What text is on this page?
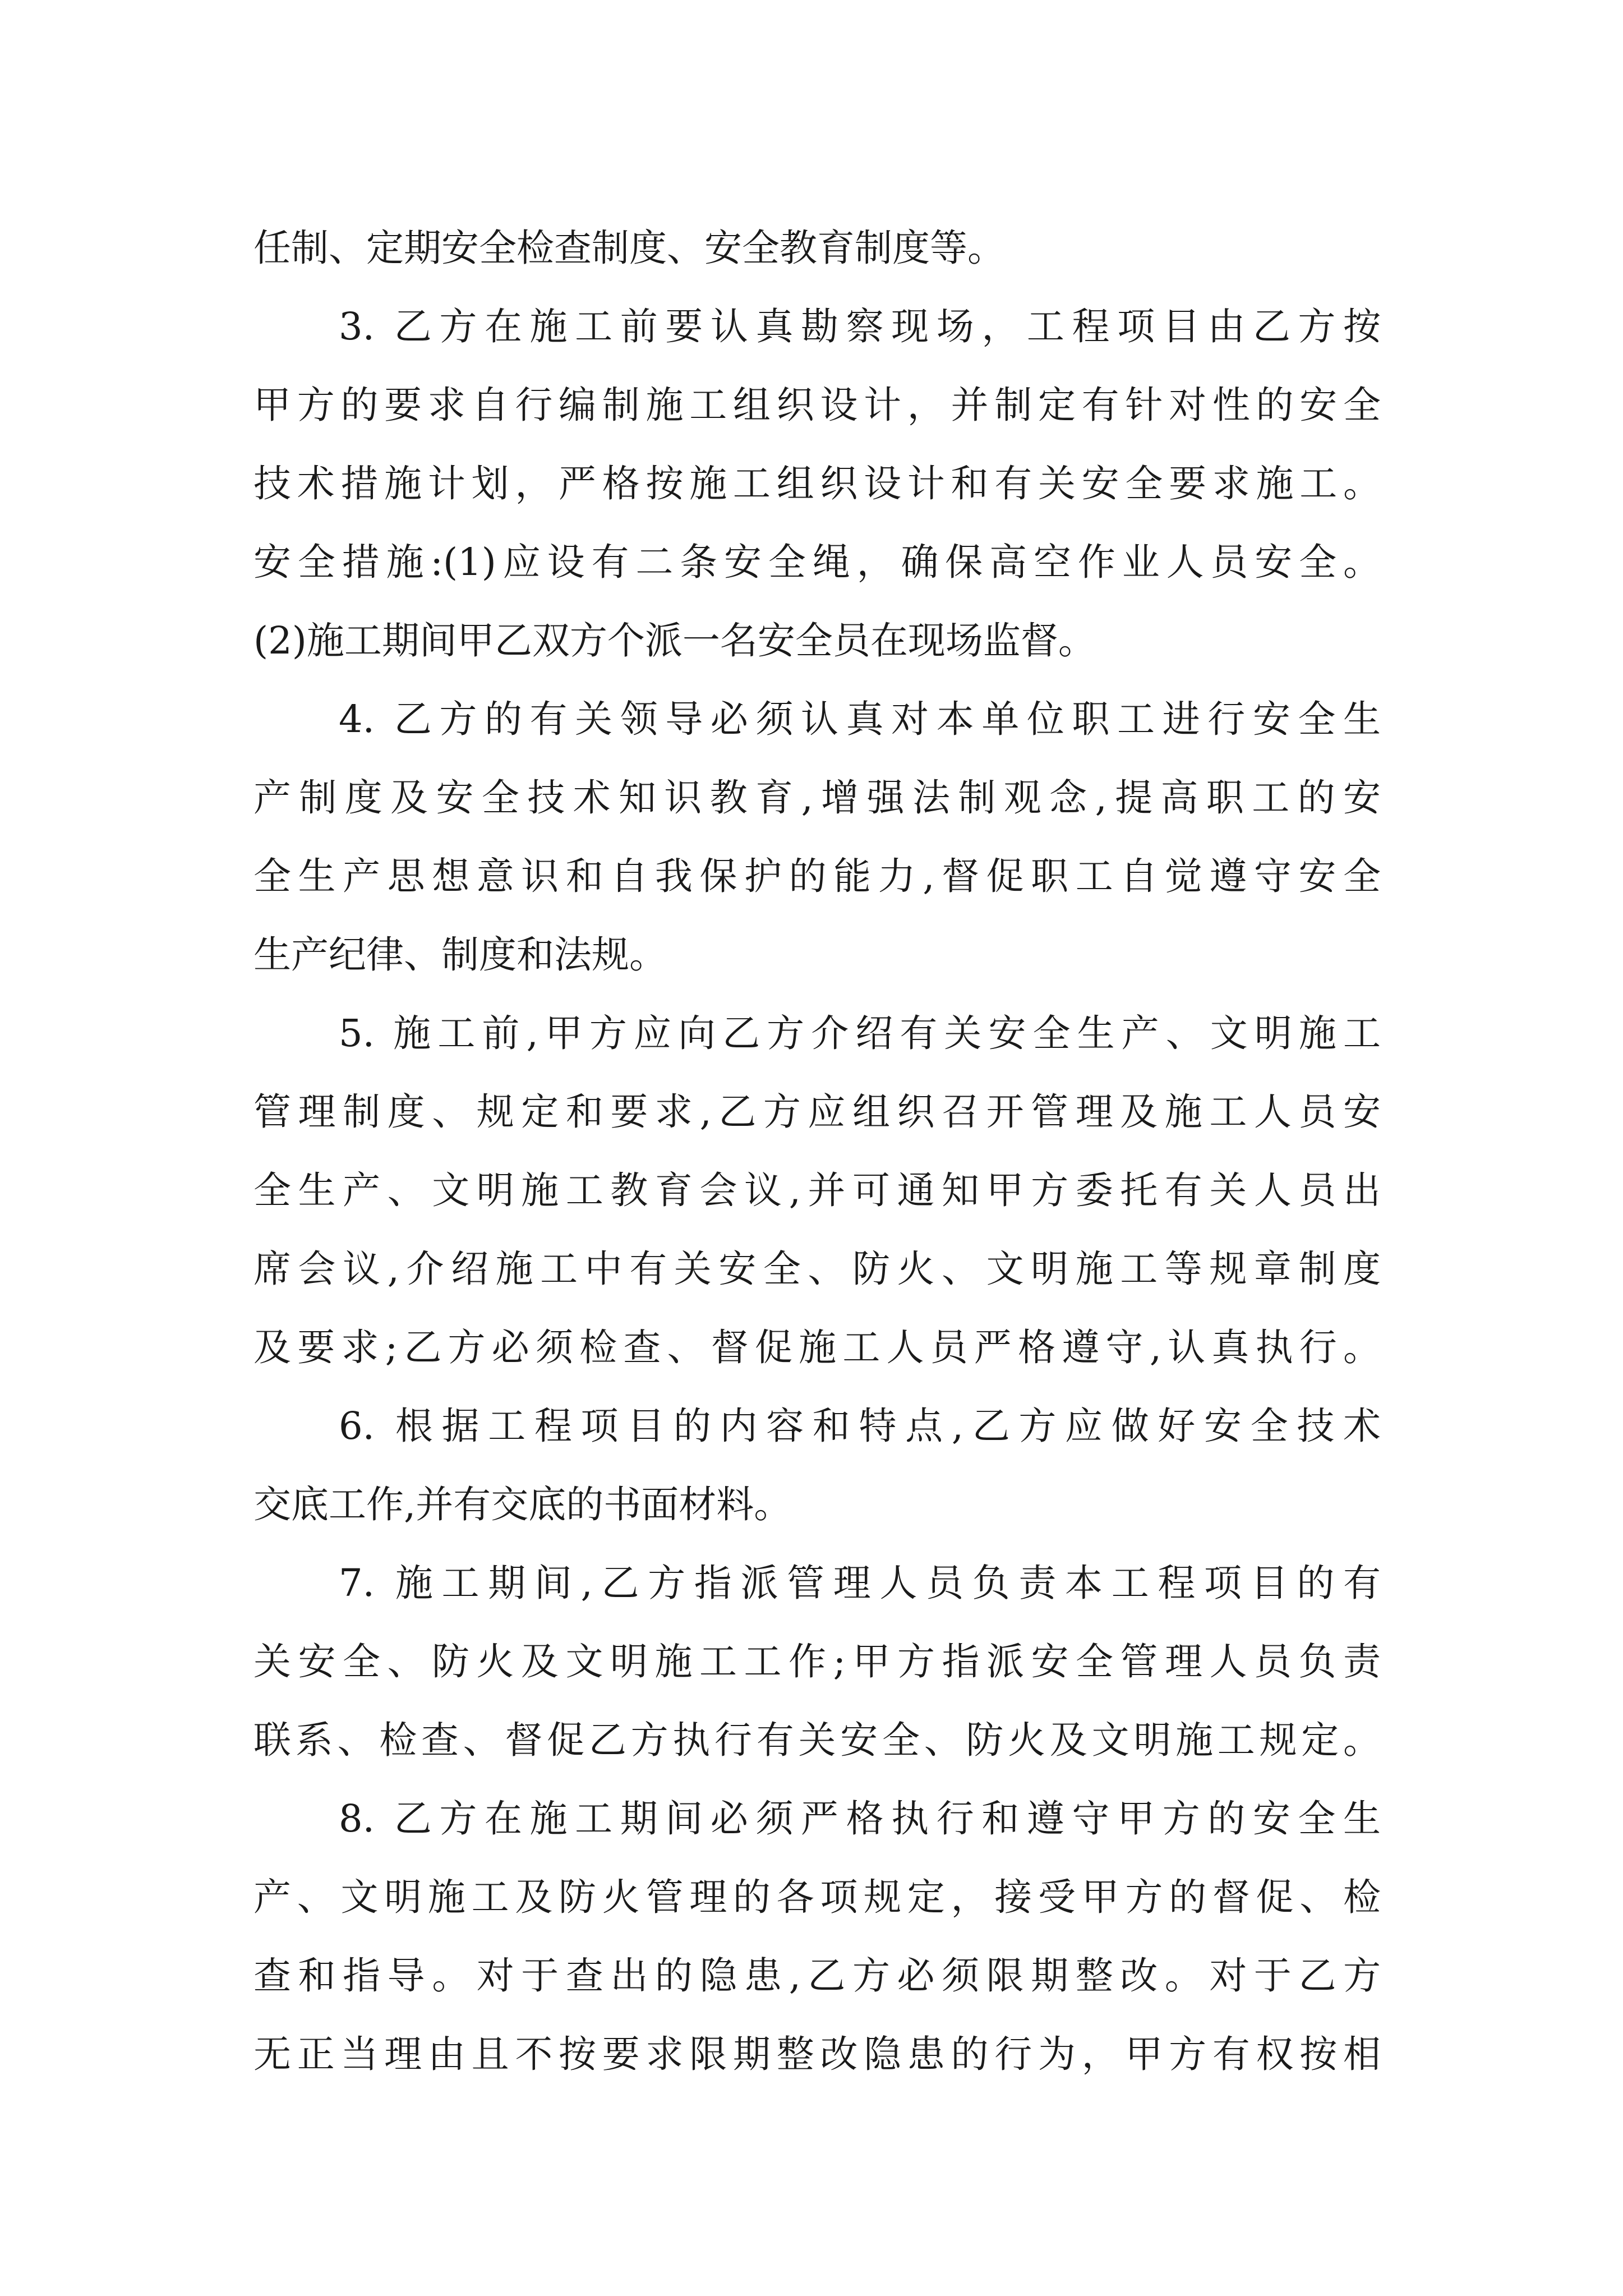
任制、定期安全检查制度、安全教育制度等。
3. 乙方在施工前要认真勘察现场，工程项目由乙方按
甲方的要求自行编制施工组织设计，并制定有针对性的安全
技术措施计划，严格按施工组织设计和有关安全要求施工。
安全措施:(1)应设有二条安全绳，确保高空作业人员安全。
(2)施工期间甲乙双方个派一名安全员在现场监督。
4. 乙方的有关领导必须认真对本单位职工进行安全生
产制度及安全技术知识教育,增强法制观念,提高职工的安
全生产思想意识和自我保护的能力,督促职工自觉遵守安全
生产纪律、制度和法规。
5. 施工前,甲方应向乙方介绍有关安全生产、文明施工
管理制度、规定和要求,乙方应组织召开管理及施工人员安
全生产、文明施工教育会议,并可通知甲方委托有关人员出
席会议,介绍施工中有关安全、防火、文明施工等规章制度
及要求;乙方必须检查、督促施工人员严格遵守,认真执行。
6. 根据工程项目的内容和特点,乙方应做好安全技术
交底工作,并有交底的书面材料。
7. 施工期间,乙方指派管理人员负责本工程项目的有
关安全、防火及文明施工工作;甲方指派安全管理人员负责
联系、检查、督促乙方执行有关安全、防火及文明施工规定。
8. 乙方在施工期间必须严格执行和遵守甲方的安全生
产、文明施工及防火管理的各项规定，接受甲方的督促、检
查和指导。对于查出的隐患,乙方必须限期整改。对于乙方
无正当理由且不按要求限期整改隐患的行为，甲方有权按相
